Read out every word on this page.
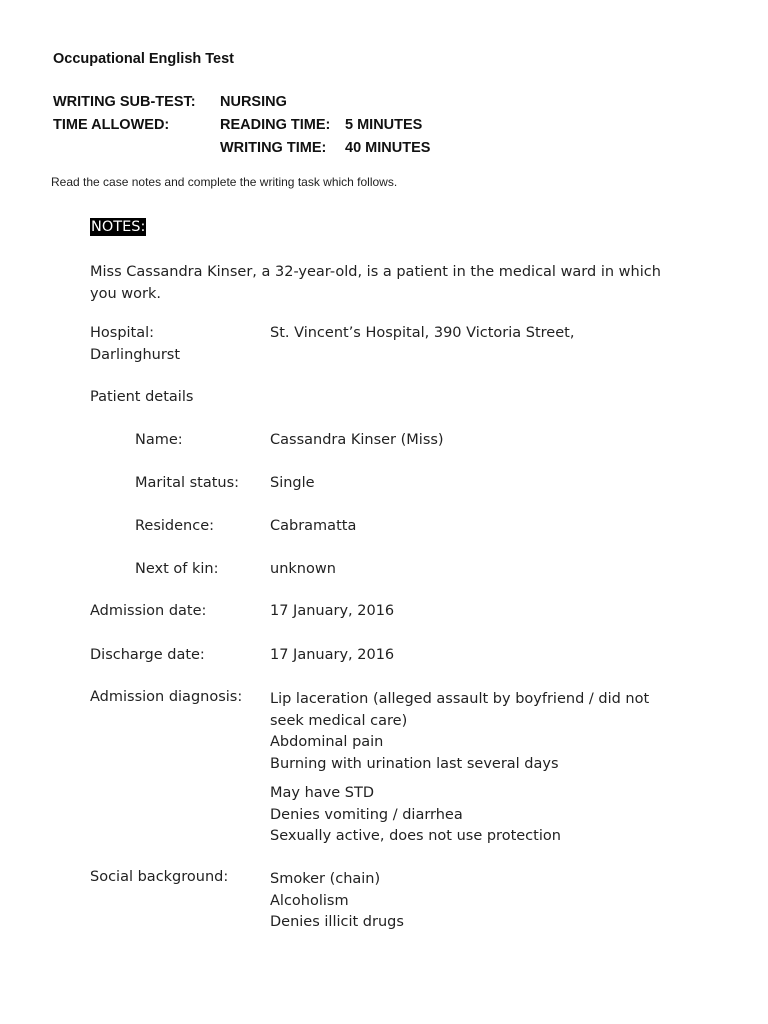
Occupational English Test
WRITING SUB-TEST: NURSING
TIME ALLOWED:	READING TIME: 5 MINUTES
WRITING TIME: 40 MINUTES
Read the case notes and complete the writing task which follows.
NOTES:
Miss Cassandra Kinser, a 32-year-old, is a patient in the medical ward in which you work.
Hospital:	St. Vincent’s Hospital, 390 Victoria Street,
Darlinghurst
Patient details
Name:	Cassandra Kinser (Miss)
Marital status: Single
Residence:	Cabramatta
Next of kin:	unknown
Admission date:	17 January, 2016
Discharge date:	17 January, 2016
Admission diagnosis: Lip laceration (alleged assault by boyfriend / did not seek medical care)
Abdominal pain
Burning with urination last several days
May have STD
Denies vomiting / diarrhea
Sexually active, does not use protection
Social background:	Smoker (chain)
Alcoholism
Denies illicit drugs
